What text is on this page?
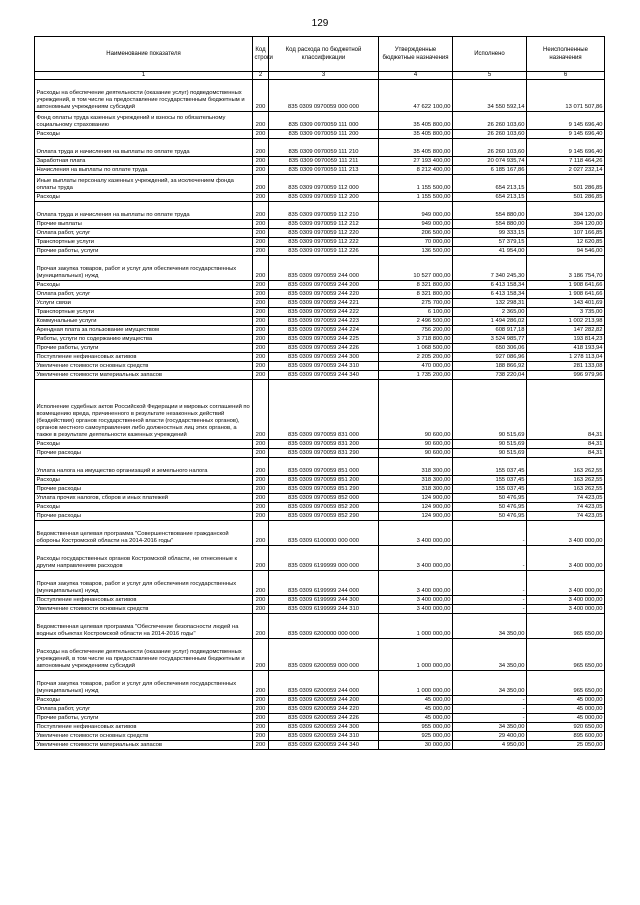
129
Наименование показателя	Код строки	Код расхода по бюджетной классификации	Утвержденные бюджетные назначения	Исполнено	Неисполненные назначения
1	2	3	4	5	6
Расходы на обеспечение деятельности (оказание услуг) подведомственных учреждений, в том числе на предоставление государственным бюджетным и автономным учреждениям субсидий	200	835 0309 0970059 000 000	47 622 100,00	34 550 592,14	13 071 507,86
Фонд оплаты труда казенных учреждений и взносы по обязательному социальному страхованию	200	835 0309 0970059 111 000	35 405 800,00	26 260 103,60	9 145 696,40
Расходы	200	835 0309 0970059 111 200	35 405 800,00	26 260 103,60	9 145 696,40
Оплата труда и начисления на выплаты по оплате труда	200	835 0309 0970059 111 210	35 405 800,00	26 260 103,60	9 145 696,40
Заработная плата	200	835 0309 0970059 111 211	27 193 400,00	20 074 935,74	7 118 464,26
Начисления на выплаты по оплате труда	200	835 0309 0970059 111 213	8 212 400,00	6 185 167,86	2 027 232,14
Иные выплаты персоналу казенных учреждений, за исключением фонда оплаты труда	200	835 0309 0970059 112 000	1 155 500,00	654 213,15	501 286,85
Расходы	200	835 0309 0970059 112 200	1 155 500,00	654 213,15	501 286,85
Оплата труда и начисления на выплаты по оплате труда	200	835 0309 0970059 112 210	949 000,00	554 880,00	394 120,00
Прочие выплаты	200	835 0309 0970059 112 212	949 000,00	554 880,00	394 120,00
Оплата работ, услуг	200	835 0309 0970059 112 220	206 500,00	99 333,15	107 166,85
Транспортные услуги	200	835 0309 0970059 112 222	70 000,00	57 379,15	12 620,85
Прочие работы, услуги	200	835 0309 0970059 112 226	136 500,00	41 954,00	94 546,00
Прочая закупка товаров, работ и услуг для обеспечения государственных (муниципальных) нужд	200	835 0309 0970059 244 000	10 527 000,00	7 340 245,30	3 186 754,70
Расходы	200	835 0309 0970059 244 200	8 321 800,00	6 413 158,34	1 908 641,66
Оплата работ, услуг	200	835 0309 0970059 244 220	8 321 800,00	6 413 158,34	1 908 641,66
Услуги связи	200	835 0309 0970059 244 221	275 700,00	132 298,31	143 401,69
Транспортные услуги	200	835 0309 0970059 244 222	6 100,00	2 365,00	3 735,00
Коммунальные услуги	200	835 0309 0970059 244 223	2 496 500,00	1 494 286,02	1 002 213,98
Арендная плата за пользование имуществом	200	835 0309 0970059 244 224	756 200,00	608 917,18	147 282,82
Работы, услуги по содержанию имущества	200	835 0309 0970059 244 225	3 718 800,00	3 524 985,77	193 814,23
Прочие работы, услуги	200	835 0309 0970059 244 226	1 068 500,00	650 306,06	418 193,94
Поступление нефинансовых активов	200	835 0309 0970059 244 300	2 205 200,00	927 086,96	1 278 113,04
Увеличение стоимости основных средств	200	835 0309 0970059 244 310	470 000,00	188 866,92	281 133,08
Увеличение стоимости материальных запасов	200	835 0309 0970059 244 340	1 735 200,00	738 220,04	996 979,96
Исполнение судебных актов Российской Федерации и мировых соглашений по возмещению вреда, причиненного в результате незаконных действий (бездействия) органов государственной власти (государственных органов), органов местного самоуправления либо должностных лиц этих органов, а также в результате деятельности казенных учреждений	200	835 0309 0970059 831 000	90 600,00	90 515,69	84,31
Расходы	200	835 0309 0970059 831 200	90 600,00	90 515,69	84,31
Прочие расходы	200	835 0309 0970059 831 290	90 600,00	90 515,69	84,31
Уплата налога на имущество организаций и земельного налога	200	835 0309 0970059 851 000	318 300,00	155 037,45	163 262,55
Расходы	200	835 0309 0970059 851 200	318 300,00	155 037,45	163 262,55
Прочие расходы	200	835 0309 0970059 851 290	318 300,00	155 037,45	163 262,55
Уплата прочих налогов, сборов и иных платежей	200	835 0309 0970059 852 000	124 900,00	50 476,95	74 423,05
Расходы	200	835 0309 0970059 852 200	124 900,00	50 476,95	74 423,05
Прочие расходы	200	835 0309 0970059 852 290	124 900,00	50 476,95	74 423,05
Ведомственная целевая программа "Совершенствование гражданской обороны Костромской области на 2014-2016 годы"	200	835 0309 6100000 000 000	3 400 000,00	-	3 400 000,00
Расходы государственных органов Костромской области, не отнесенные к другим направлениям расходов	200	835 0309 6199999 000 000	3 400 000,00	-	3 400 000,00
Прочая закупка товаров, работ и услуг для обеспечения государственных (муниципальных) нужд	200	835 0309 6199999 244 000	3 400 000,00	-	3 400 000,00
Поступление нефинансовых активов	200	835 0309 6199999 244 300	3 400 000,00	-	3 400 000,00
Увеличение стоимости основных средств	200	835 0309 6199999 244 310	3 400 000,00	-	3 400 000,00
Ведомственная целевая программа "Обеспечение безопасности людей на водных объектах Костромской области на 2014-2016 годы"	200	835 0309 6200000 000 000	1 000 000,00	34 350,00	965 650,00
Расходы на обеспечение деятельности (оказание услуг) подведомственных учреждений, в том числе на предоставление государственным бюджетным и автономным учреждениям субсидий	200	835 0309 6200059 000 000	1 000 000,00	34 350,00	965 650,00
Прочая закупка товаров, работ и услуг для обеспечения государственных (муниципальных) нужд	200	835 0309 6200059 244 000	1 000 000,00	34 350,00	965 650,00
Расходы	200	835 0309 6200059 244 200	45 000,00	-	45 000,00
Оплата работ, услуг	200	835 0309 6200059 244 220	45 000,00	-	45 000,00
Прочие работы, услуги	200	835 0309 6200059 244 226	45 000,00	-	45 000,00
Поступление нефинансовых активов	200	835 0309 6200059 244 300	955 000,00	34 350,00	920 650,00
Увеличение стоимости основных средств	200	835 0309 6200059 244 310	925 000,00	29 400,00	895 600,00
Увеличение стоимости материальных запасов	200	835 0309 6200059 244 340	30 000,00	4 950,00	25 050,00
